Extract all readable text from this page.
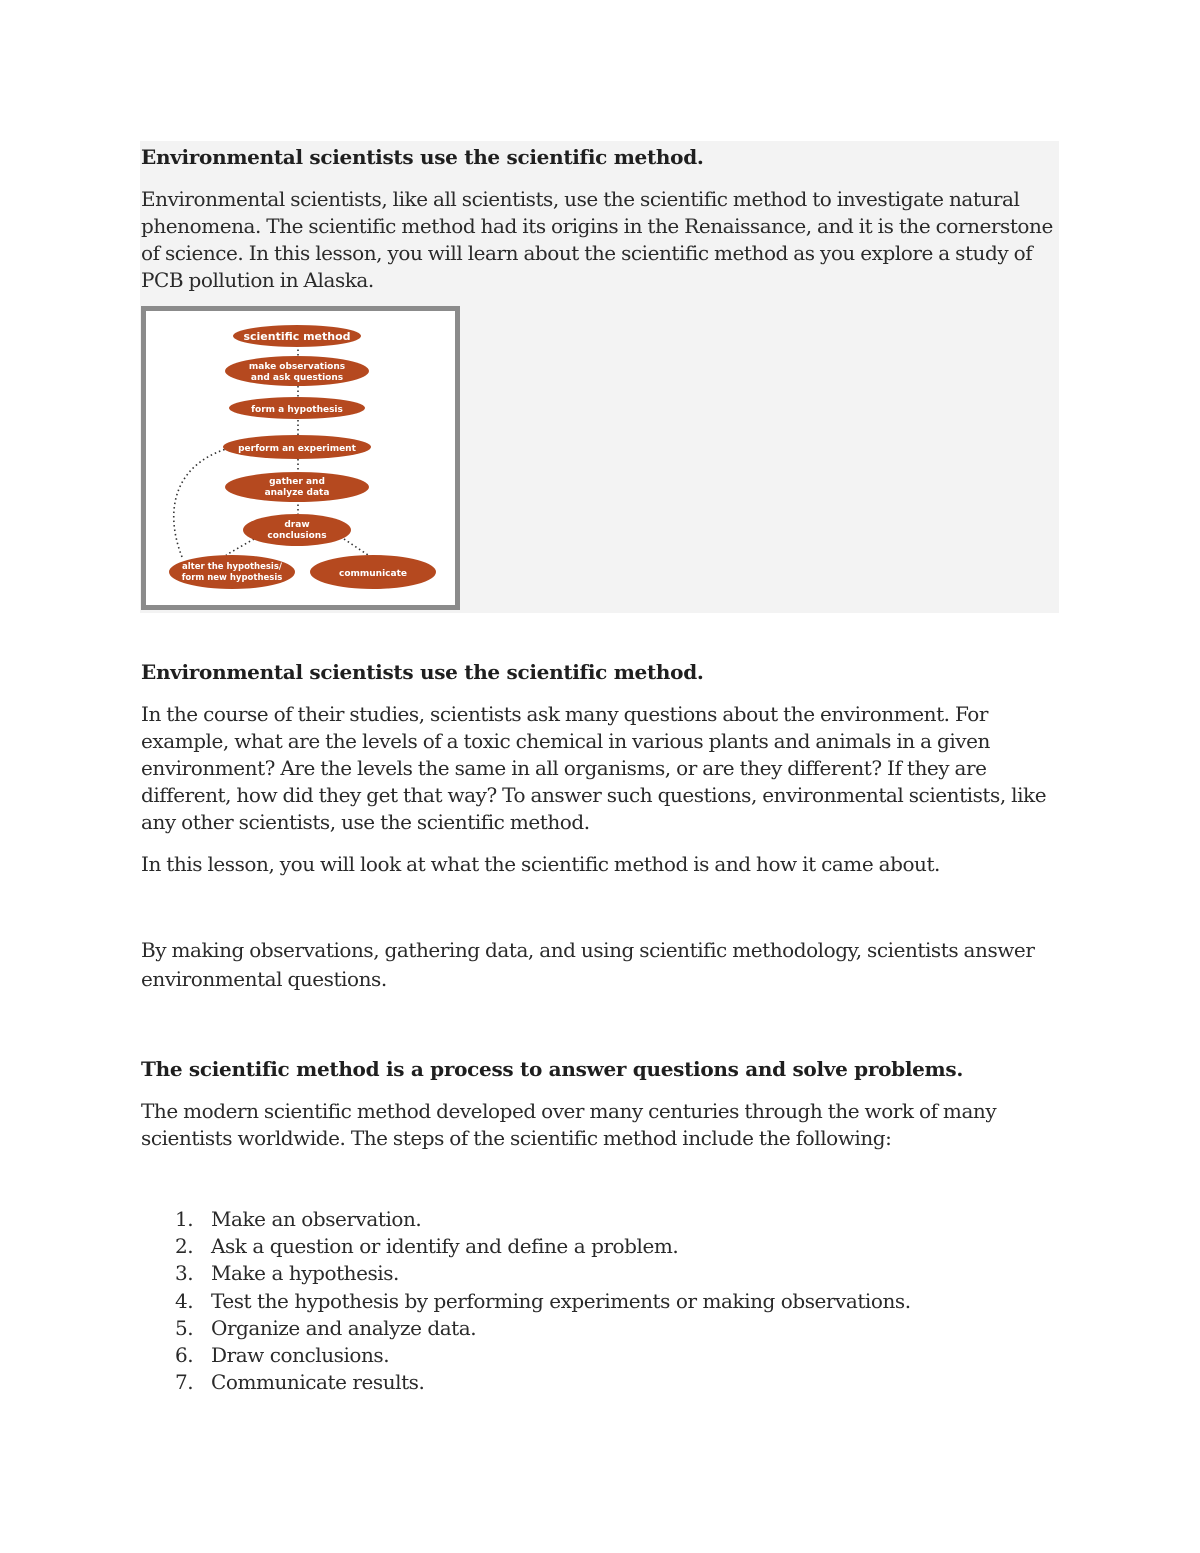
Environmental scientists use the scientific method.

Environmental scientists, like all scientists, use the scientific method to investigate natural phenomena. The scientific method had its origins in the Renaissance, and it is the cornerstone of science. In this lesson, you will learn about the scientific method as you explore a study of PCB pollution in Alaska.

scientific method
make observations
and ask questions
form a hypothesis
perform an experiment
gather and
analyze data
draw
conclusions
alter the hypothesis/
form new hypothesis	communicate

Environmental scientists use the scientific method.

In the course of their studies, scientists ask many questions about the environment. For example, what are the levels of a toxic chemical in various plants and animals in a given environment? Are the levels the same in all organisms, or are they different? If they are different, how did they get that way? To answer such questions, environmental scientists, like any other scientists, use the scientific method.

In this lesson, you will look at what the scientific method is and how it came about.

By making observations, gathering data, and using scientific methodology, scientists answer environmental questions.

The scientific method is a process to answer questions and solve problems.

The modern scientific method developed over many centuries through the work of many scientists worldwide. The steps of the scientific method include the following:

1. Make an observation.
2. Ask a question or identify and define a problem.
3. Make a hypothesis.
4. Test the hypothesis by performing experiments or making observations.
5. Organize and analyze data.
6. Draw conclusions.
7. Communicate results.
